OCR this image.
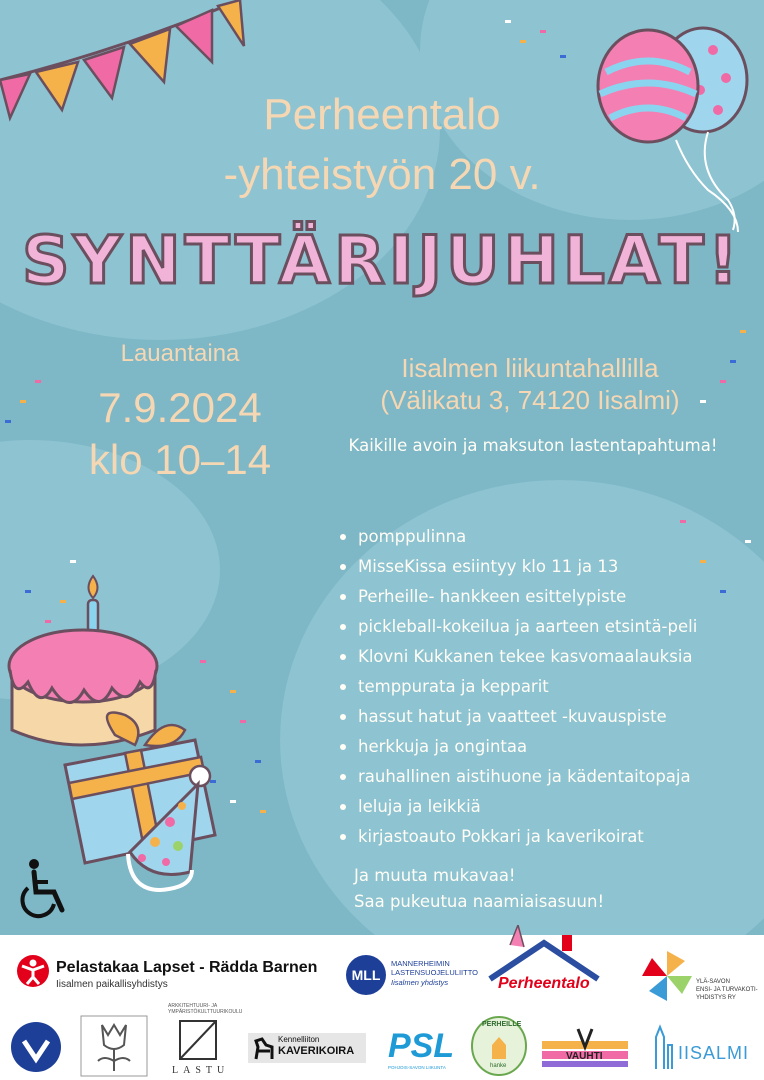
Perheentalo
-yhteistyön 20 v.
SYNTTÄRIJUHLAT!
Lauantaina
7.9.2024
klo 10–14
Iisalmen liikuntahallilla
(Välikatu 3, 74120 Iisalmi)
Kaikille avoin ja maksuton lastentapahtuma!
pomppulinna
MisseKissa esiintyy klo 11 ja 13
Perheille- hankkeen esittelypiste
pickleball-kokeilua ja aarteen etsintä-peli
Klovni Kukkanen tekee kasvomaalauksia
temppurata ja kepparit
hassut hatut ja vaatteet -kuvauspiste
herkkuja ja ongintaa
rauhallinen aistihuone ja kädentaitopaja
leluja ja leikkiä
kirjastoauto Pokkari ja kaverikoirat
Ja muuta mukavaa!
Saa pukeutua naamiaisasuun!
Pelastakaa Lapset - Rädda Barnen
Iisalmen paikallisyhdistys
MLL
MANNERHEIMIN
LASTENSUOJELULIITTO
Iisalmen yhdistys	Perheentalo	YLÄ-SAVON
ENSI- JA TURVAKOTI-
YHDISTYS RY
ARKKITEHTUURI- JA
YMPÄRISTÖKULTTUURIKOULU
LASTU
Kennelliiton
KAVERIKOIRA PSL
POHJOIS-SAVON LIIKUNTA
PERHEILLE
hanke
VAUHTI	IISALMI
